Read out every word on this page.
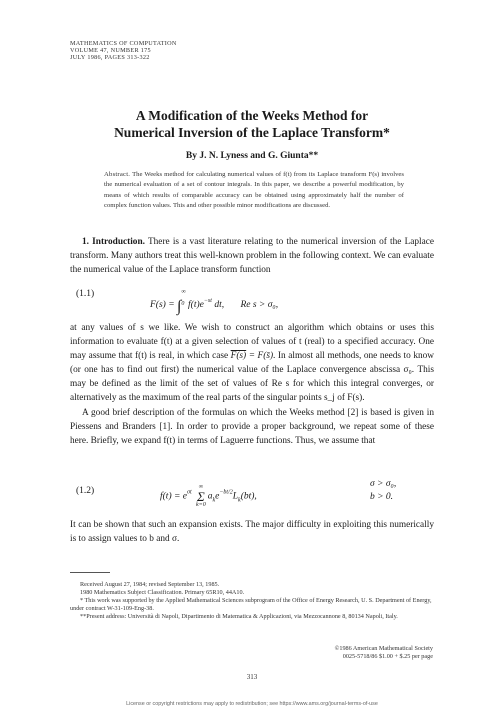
MATHEMATICS OF COMPUTATION
VOLUME 47, NUMBER 175
JULY 1986, PAGES 313-322
A Modification of the Weeks Method for
Numerical Inversion of the Laplace Transform*
By J. N. Lyness and G. Giunta**
Abstract. The Weeks method for calculating numerical values of f(t) from its Laplace transform F(s) involves the numerical evaluation of a set of contour integrals. In this paper, we describe a powerful modification, by means of which results of comparable accuracy can be obtained using approximately half the number of complex function values. This and other possible minor modifications are discussed.

1. Introduction. There is a vast literature relating to the numerical inversion of the Laplace transform. Many authors treat this well-known problem in the following context. We can evaluate the numerical value of the Laplace transform function

(1.1)
F(s) = ∫
∞
0 $f(t)e^{-st}$ dt, Re s > σ₀,

at any values of s we like. We wish to construct an algorithm which obtains or uses this information to evaluate f(t) at a given selection of values of t (real) to a specified accuracy. One may assume that f(t) is real, in which case F(s) = F(s̄). In almost all methods, one needs to know (or one has to find out first) the numerical value of the Laplace convergence abscissa σ₀. This may be defined as the limit of the set of values of Re s for which this integral converges, or alternatively as the maximum of the real parts of the singular points s_j of F(s).

A good brief description of the formulas on which the Weeks method [2] is based is given in Piessens and Branders [1]. In order to provide a proper background, we repeat some of these here. Briefly, we expand f(t) in terms of Laguerre functions. Thus, we assume that

(1.2)
$f(t) = e^{\sigma t}$
∞
Σ
k=0
$a_ke^{-bt/2}L_k(bt)$,
σ > σ₀,
b > 0.

It can be shown that such an expansion exists. The major difficulty in exploiting this numerically is to assign values to b and σ.

Received August 27, 1984; revised September 13, 1985.

1980 Mathematics Subject Classification. Primary 65R10, 44A10.

* This work was supported by the Applied Mathematical Sciences subprogram of the Office of Energy Research, U. S. Department of Energy, under contract W-31-109-Eng-38.

**Present address: Università di Napoli, Dipartimento di Matematica & Applicazioni, via Mezzocannone 8, 80134 Napoli, Italy.

©1986 American Mathematical Society
0025-5718/86 $1.00 + $.25 per page
313
License or copyright restrictions may apply to redistribution; see https://www.ams.org/journal-terms-of-use
